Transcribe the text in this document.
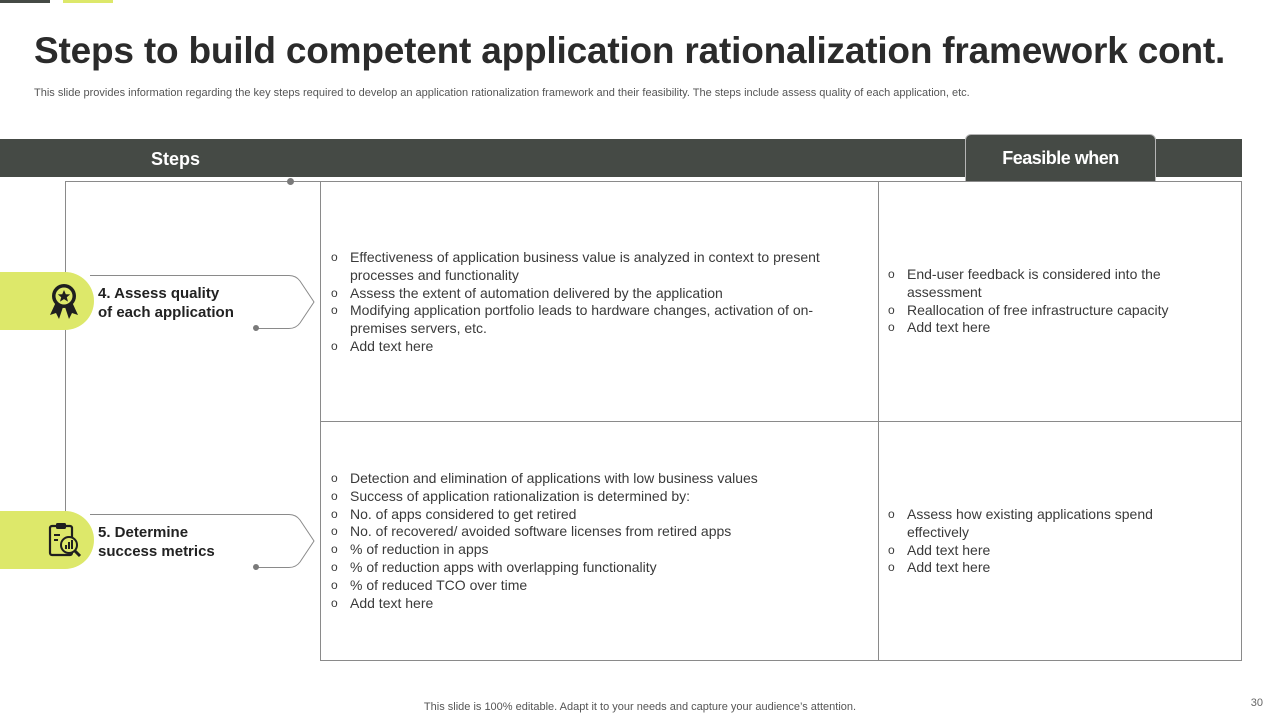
Steps to build competent application rationalization framework cont.

This slide provides information regarding the key steps required to develop an application rationalization framework and their feasibility. The steps include assess quality of each application, etc.

Steps	Feasible when
4. Assess quality
of each application
o Effectiveness of application business value is analyzed in context to present processes and functionality
o Assess the extent of automation delivered by the application
o Modifying application portfolio leads to hardware changes, activation of on-premises servers, etc.
o Add text here
o End-user feedback is considered into the assessment
o Reallocation of free infrastructure capacity
o Add text here
5. Determine
success metrics
o Detection and elimination of applications with low business values
o Success of application rationalization is determined by:
o No. of apps considered to get retired
o No. of recovered/ avoided software licenses from retired apps
o % of reduction in apps
o % of reduction apps with overlapping functionality
o % of reduced TCO over time
o Add text here
o Assess how existing applications spend effectively
o Add text here
o Add text here
This slide is 100% editable. Adapt it to your needs and capture your audience’s attention.	30
